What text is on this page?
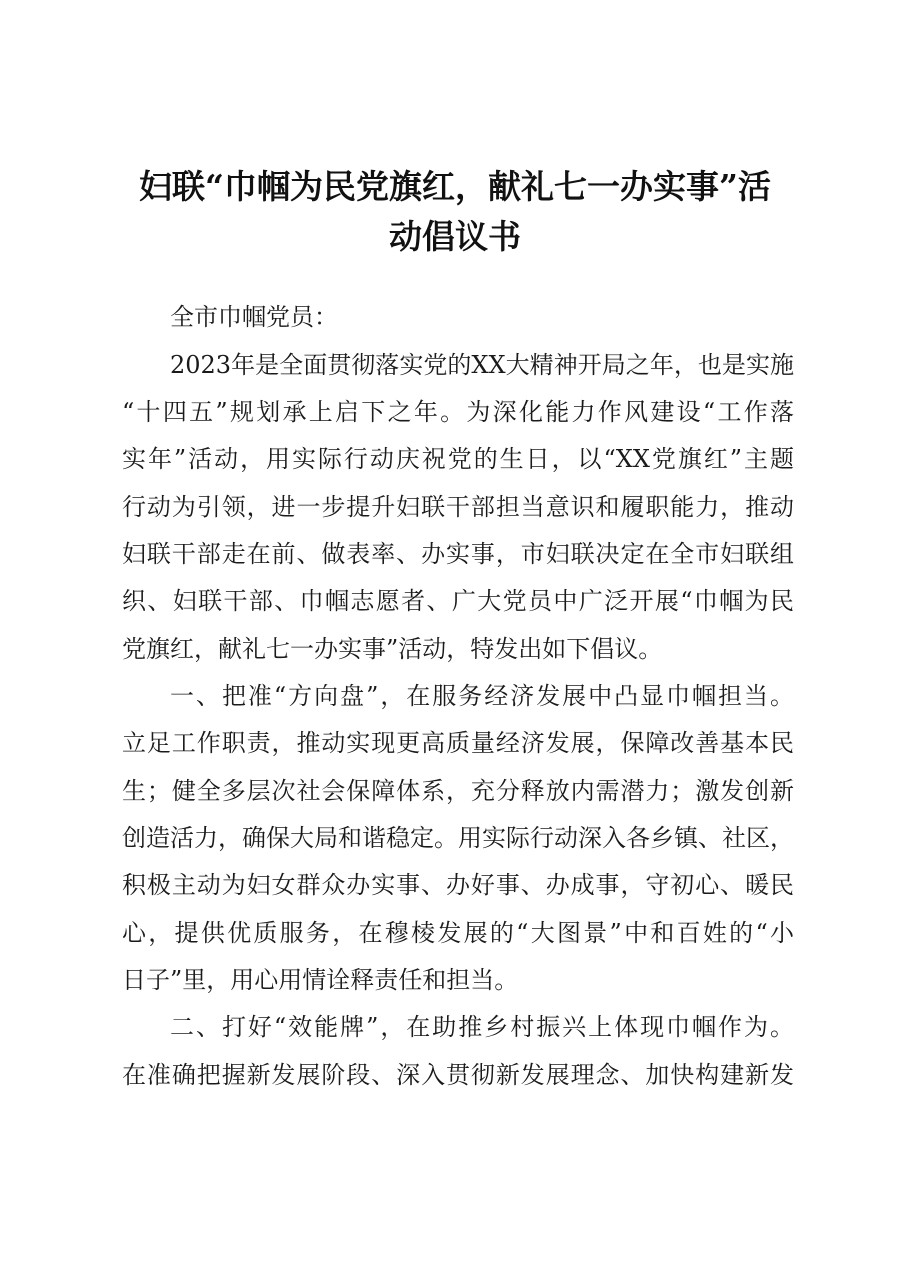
妇联“巾帼为民党旗红，献礼七一办实事”活
动倡议书
全市巾帼党员：
2023年是全面贯彻落实党的XX大精神开局之年，也是实施
“十四五”规划承上启下之年。为深化能力作风建设“工作落
实年”活动，用实际行动庆祝党的生日，以“XX党旗红”主题
行动为引领，进一步提升妇联干部担当意识和履职能力，推动
妇联干部走在前、做表率、办实事，市妇联决定在全市妇联组
织、妇联干部、巾帼志愿者、广大党员中广泛开展“巾帼为民
党旗红，献礼七一办实事”活动，特发出如下倡议。
一、把准“方向盘”，在服务经济发展中凸显巾帼担当。
立足工作职责，推动实现更高质量经济发展，保障改善基本民
生；健全多层次社会保障体系，充分释放内需潜力；激发创新
创造活力，确保大局和谐稳定。用实际行动深入各乡镇、社区，
积极主动为妇女群众办实事、办好事、办成事，守初心、暖民
心，提供优质服务，在穆棱发展的“大图景”中和百姓的“小
日子”里，用心用情诠释责任和担当。
二、打好“效能牌”，在助推乡村振兴上体现巾帼作为。
在准确把握新发展阶段、深入贯彻新发展理念、加快构建新发
